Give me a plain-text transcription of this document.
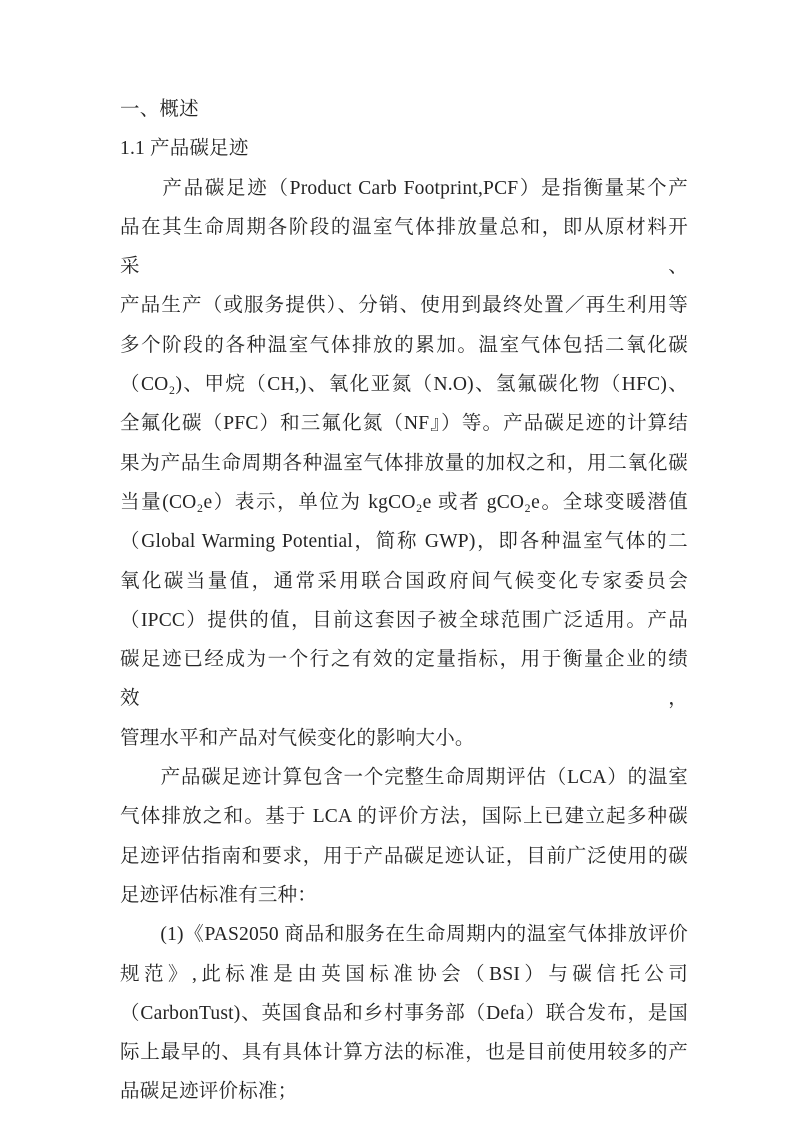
一、概述
1.1 产品碳足迹
　　产品碳足迹（Product Carb Footprint,PCF）是指衡量某个产
品在其生命周期各阶段的温室气体排放量总和，即从原材料开采、
产品生产（或服务提供）、分销、使用到最终处置／再生利用等
多个阶段的各种温室气体排放的累加。温室气体包括二氧化碳
（CO₂)、甲烷（CH,)、氧化亚氮（N.O)、氢氟碳化物（HFC)、
全氟化碳（PFC）和三氟化氮（NF』）等。产品碳足迹的计算结
果为产品生命周期各种温室气体排放量的加权之和，用二氧化碳
当量(CO₂e）表示，单位为 kgCO₂e 或者 gCO₂e。全球变暖潜值
（Global Warming Potential，简称 GWP)，即各种温室气体的二
氧化碳当量值，通常采用联合国政府间气候变化专家委员会
（IPCC）提供的值，目前这套因子被全球范围广泛适用。产品
碳足迹已经成为一个行之有效的定量指标，用于衡量企业的绩效，
管理水平和产品对气候变化的影响大小。
　　产品碳足迹计算包含一个完整生命周期评估（LCA）的温室
气体排放之和。基于 LCA 的评价方法，国际上已建立起多种碳
足迹评估指南和要求，用于产品碳足迹认证，目前广泛使用的碳
足迹评估标准有三种：
　　(1)《PAS2050 商品和服务在生命周期内的温室气体排放评价
规范》,此标准是由英国标准协会（BSI）与碳信托公司
（CarbonTust)、英国食品和乡村事务部（Defa）联合发布，是国
际上最早的、具有具体计算方法的标准，也是目前使用较多的产
品碳足迹评价标准；
